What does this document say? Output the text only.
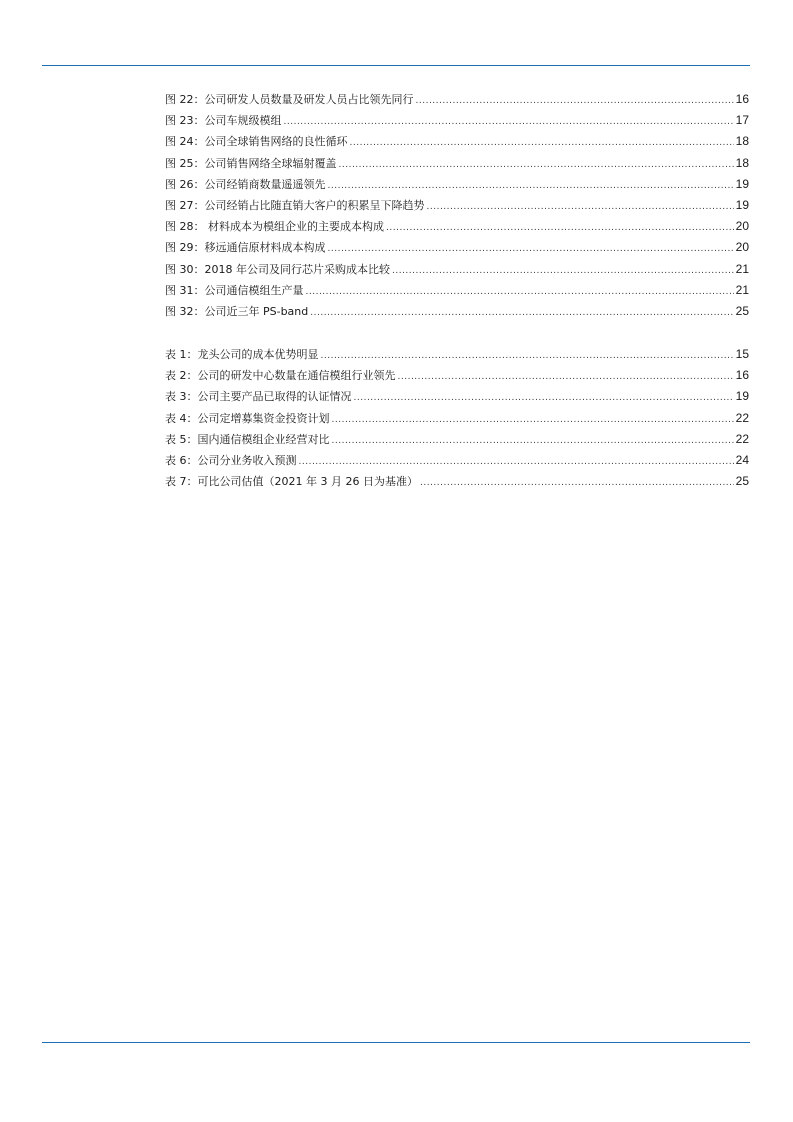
图 22：公司研发人员数量及研发人员占比领先同行 .....	16
图 23：公司车规级模组 .....	17
图 24：公司全球销售网络的良性循环 .....	18
图 25：公司销售网络全球辐射覆盖 .....	18
图 26：公司经销商数量遥遥领先 .....	19
图 27：公司经销占比随直销大客户的积累呈下降趋势 .....	19
图 28： 材料成本为模组企业的主要成本构成 .....	20
图 29：移远通信原材料成本构成 .....	20
图 30：2018 年公司及同行芯片采购成本比较 .....	21
图 31：公司通信模组生产量 .....	21
图 32：公司近三年 PS-band .....	25
表 1：龙头公司的成本优势明显 .....	15
表 2：公司的研发中心数量在通信模组行业领先 .....	16
表 3：公司主要产品已取得的认证情况 .....	19
表 4：公司定增募集资金投资计划 .....	22
表 5：国内通信模组企业经营对比 .....	22
表 6：公司分业务收入预测 .....	24
表 7：可比公司估值（2021 年 3 月 26 日为基准） .....	25
